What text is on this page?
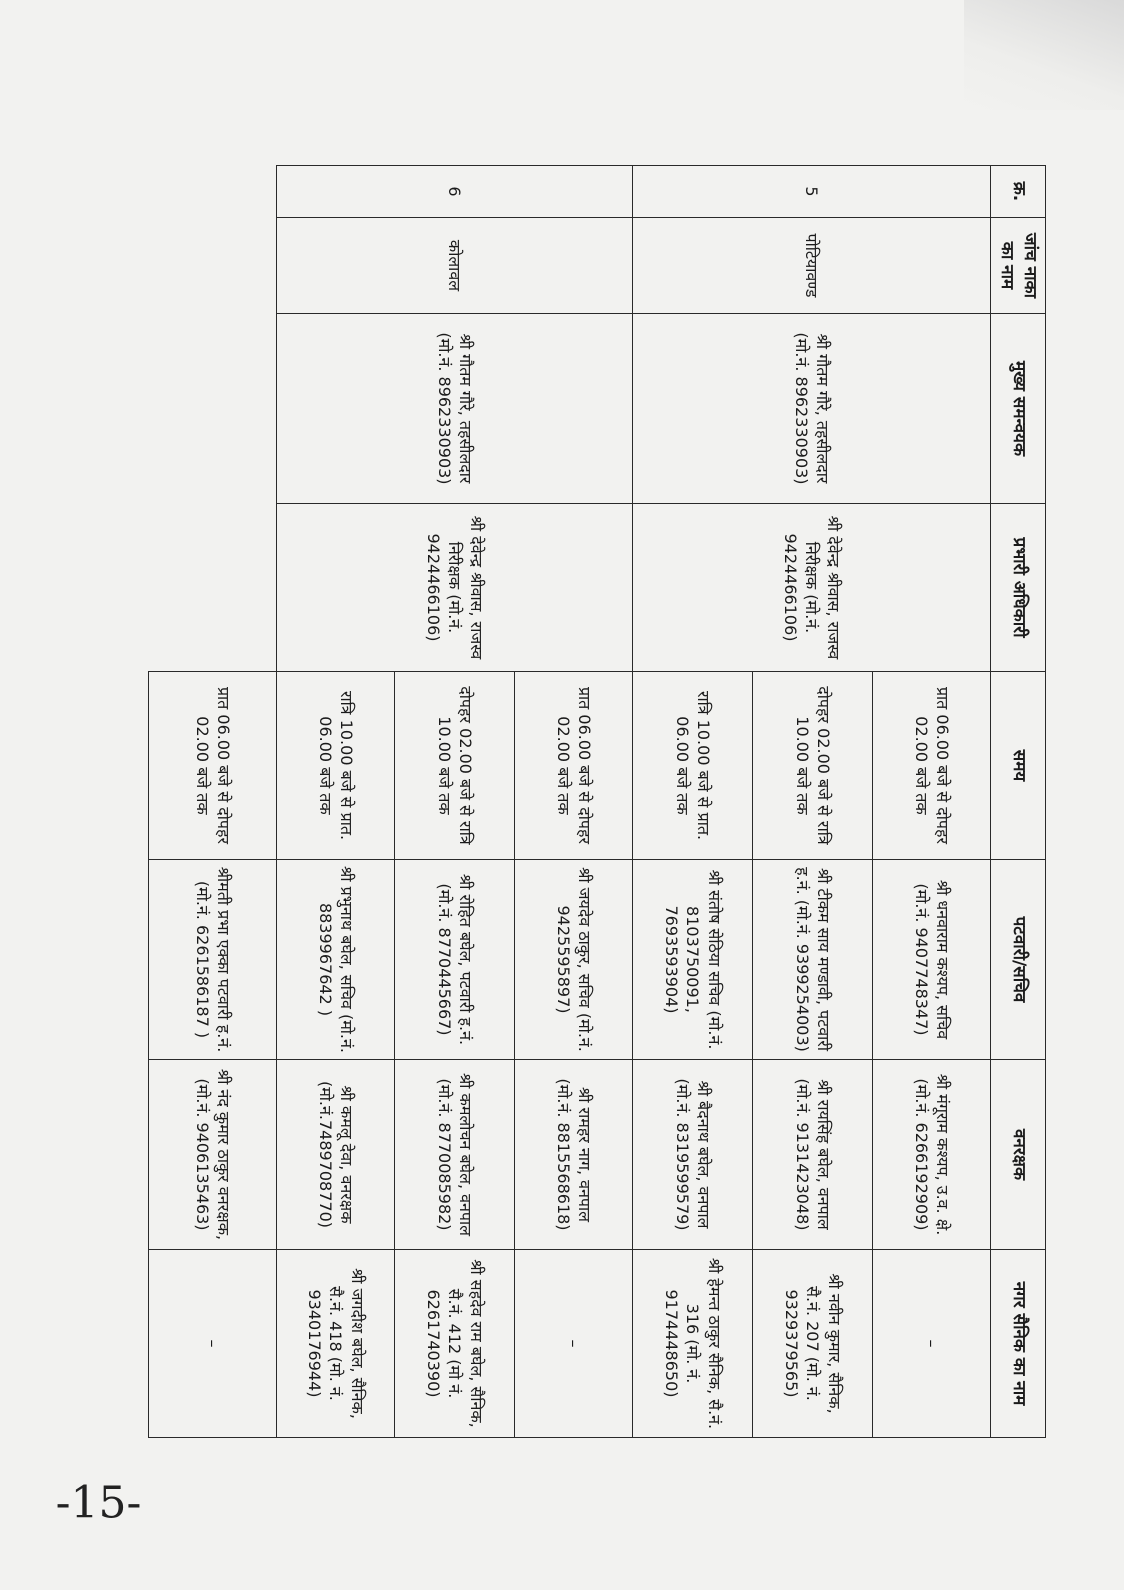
क्र.	जांच नाका का नाम	मुख्य समन्वयक	प्रभारी अधिकारी	समय	पटवारी/सचिव	वनरक्षक	नगर सैनिक का नाम
5	पोटियावण्ड	श्री गौतम गौरे, तहसीलदार (मो.नं. 8962330903)	श्री देवेन्द्र श्रीवास, राजस्व निरीक्षक (मो.नं. 9424466106)	प्रात 06.00 बजे से दोपहर 02.00 बजे तक	श्री धनवाराम कश्यप, सचिव (मो.नं. 9407748347)	श्री मंगूराम कश्यप, उ.व. क्षे. (मो.नं. 6266192909)	–
				दोपहर 02.00 बजे से रात्रि 10.00 बजे तक	श्री टीकम साय मण्डावी, पटवारी ह.नं. (मो.नं. 9399254003)	श्री रायसिंह बघेल, वनपाल (मो.नं. 9131423048)	श्री नवीन कुमार, सैनिक, सै.नं. 207 (मो. नं. 9329379565)
				रात्रि 10.00 बजे से प्रात. 06.00 बजे तक	श्री संतोष सेठिया सचिव (मो.नं. 8103750091, 7693593904)	श्री बैदनाथ बघेल, वनपाल (मो.नं. 8319599579)	श्री हेमन्त ठाकुर सैनिक, सै.नं. 316 (मो. नं. 9174448650)
6	कोलावल	श्री गौतम गौरे, तहसीलदार (मो.नं. 8962330903)	श्री देवेन्द्र श्रीवास, राजस्व निरीक्षक (मो.नं. 9424466106)	प्रात 06.00 बजे से दोपहर 02.00 बजे तक	श्री जयदेव ठाकुर, सचिव (मो.नं. 9425595897)	श्री रामहर नाग, वनपाल (मो.नं. 8815568618)	–
				दोपहर 02.00 बजे से रात्रि 10.00 बजे तक	श्री रोहित बघेल, पटवारी ह.नं. (मो.नं. 8770445667)	श्री कमलोचन बघेल, वनपाल (मो.नं. 8770085982)	श्री सहदेव राम बघेल, सैनिक, सै.नं. 412 (मो नं. 6261740390)
				रात्रि 10.00 बजे से प्रात. 06.00 बजे तक	श्री प्रभुनाथ बघेल, सचिव (मो.नं. 8839967642 )	श्री कमलू देवा, वनरक्षक (मो.नं.7489708770)	श्री जगदीश बघेल, सैनिक, सै.नं. 418 (मो. नं. 9340176944)
				प्रात 06.00 बजे से दोपहर 02.00 बजे तक	श्रीमती प्रभा एक्का पटवारी ह.नं. (मो.नं. 6261586187 )	श्री नंद कुमार ठाकुर वनरक्षक, (मो.नं. 9406135463)	–
-15-
